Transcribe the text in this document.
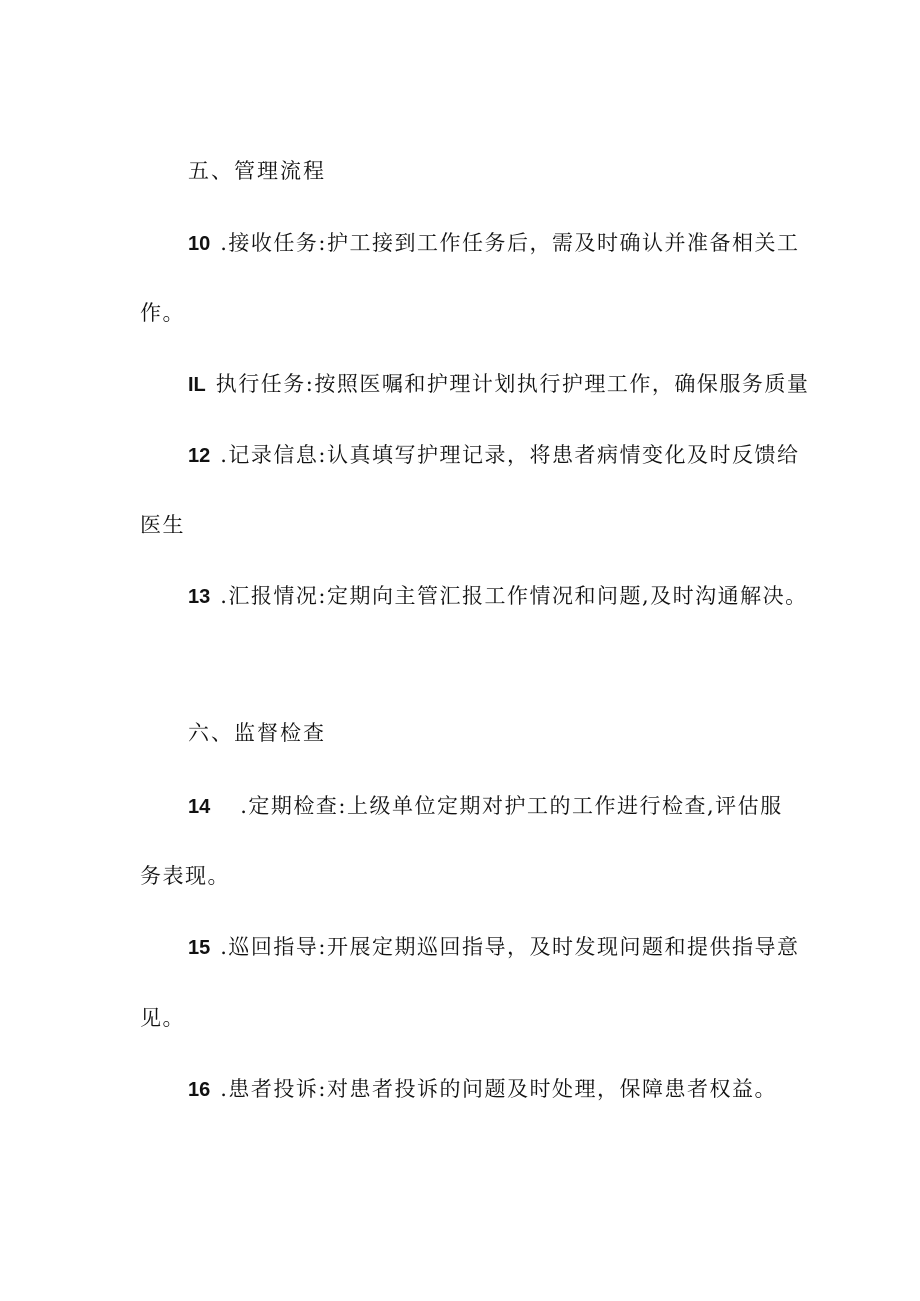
五、管理流程
10 .接收任务:护工接到工作任务后，需及时确认并准备相关工
作。
IL 执行任务:按照医嘱和护理计划执行护理工作，确保服务质量
12 .记录信息:认真填写护理记录，将患者病情变化及时反馈给
医生
13 .汇报情况:定期向主管汇报工作情况和问题,及时沟通解决。
六、监督检查
14 .定期检查:上级单位定期对护工的工作进行检查,评估服
务表现。
15 .巡回指导:开展定期巡回指导，及时发现问题和提供指导意
见。
16 .患者投诉:对患者投诉的问题及时处理，保障患者权益。
